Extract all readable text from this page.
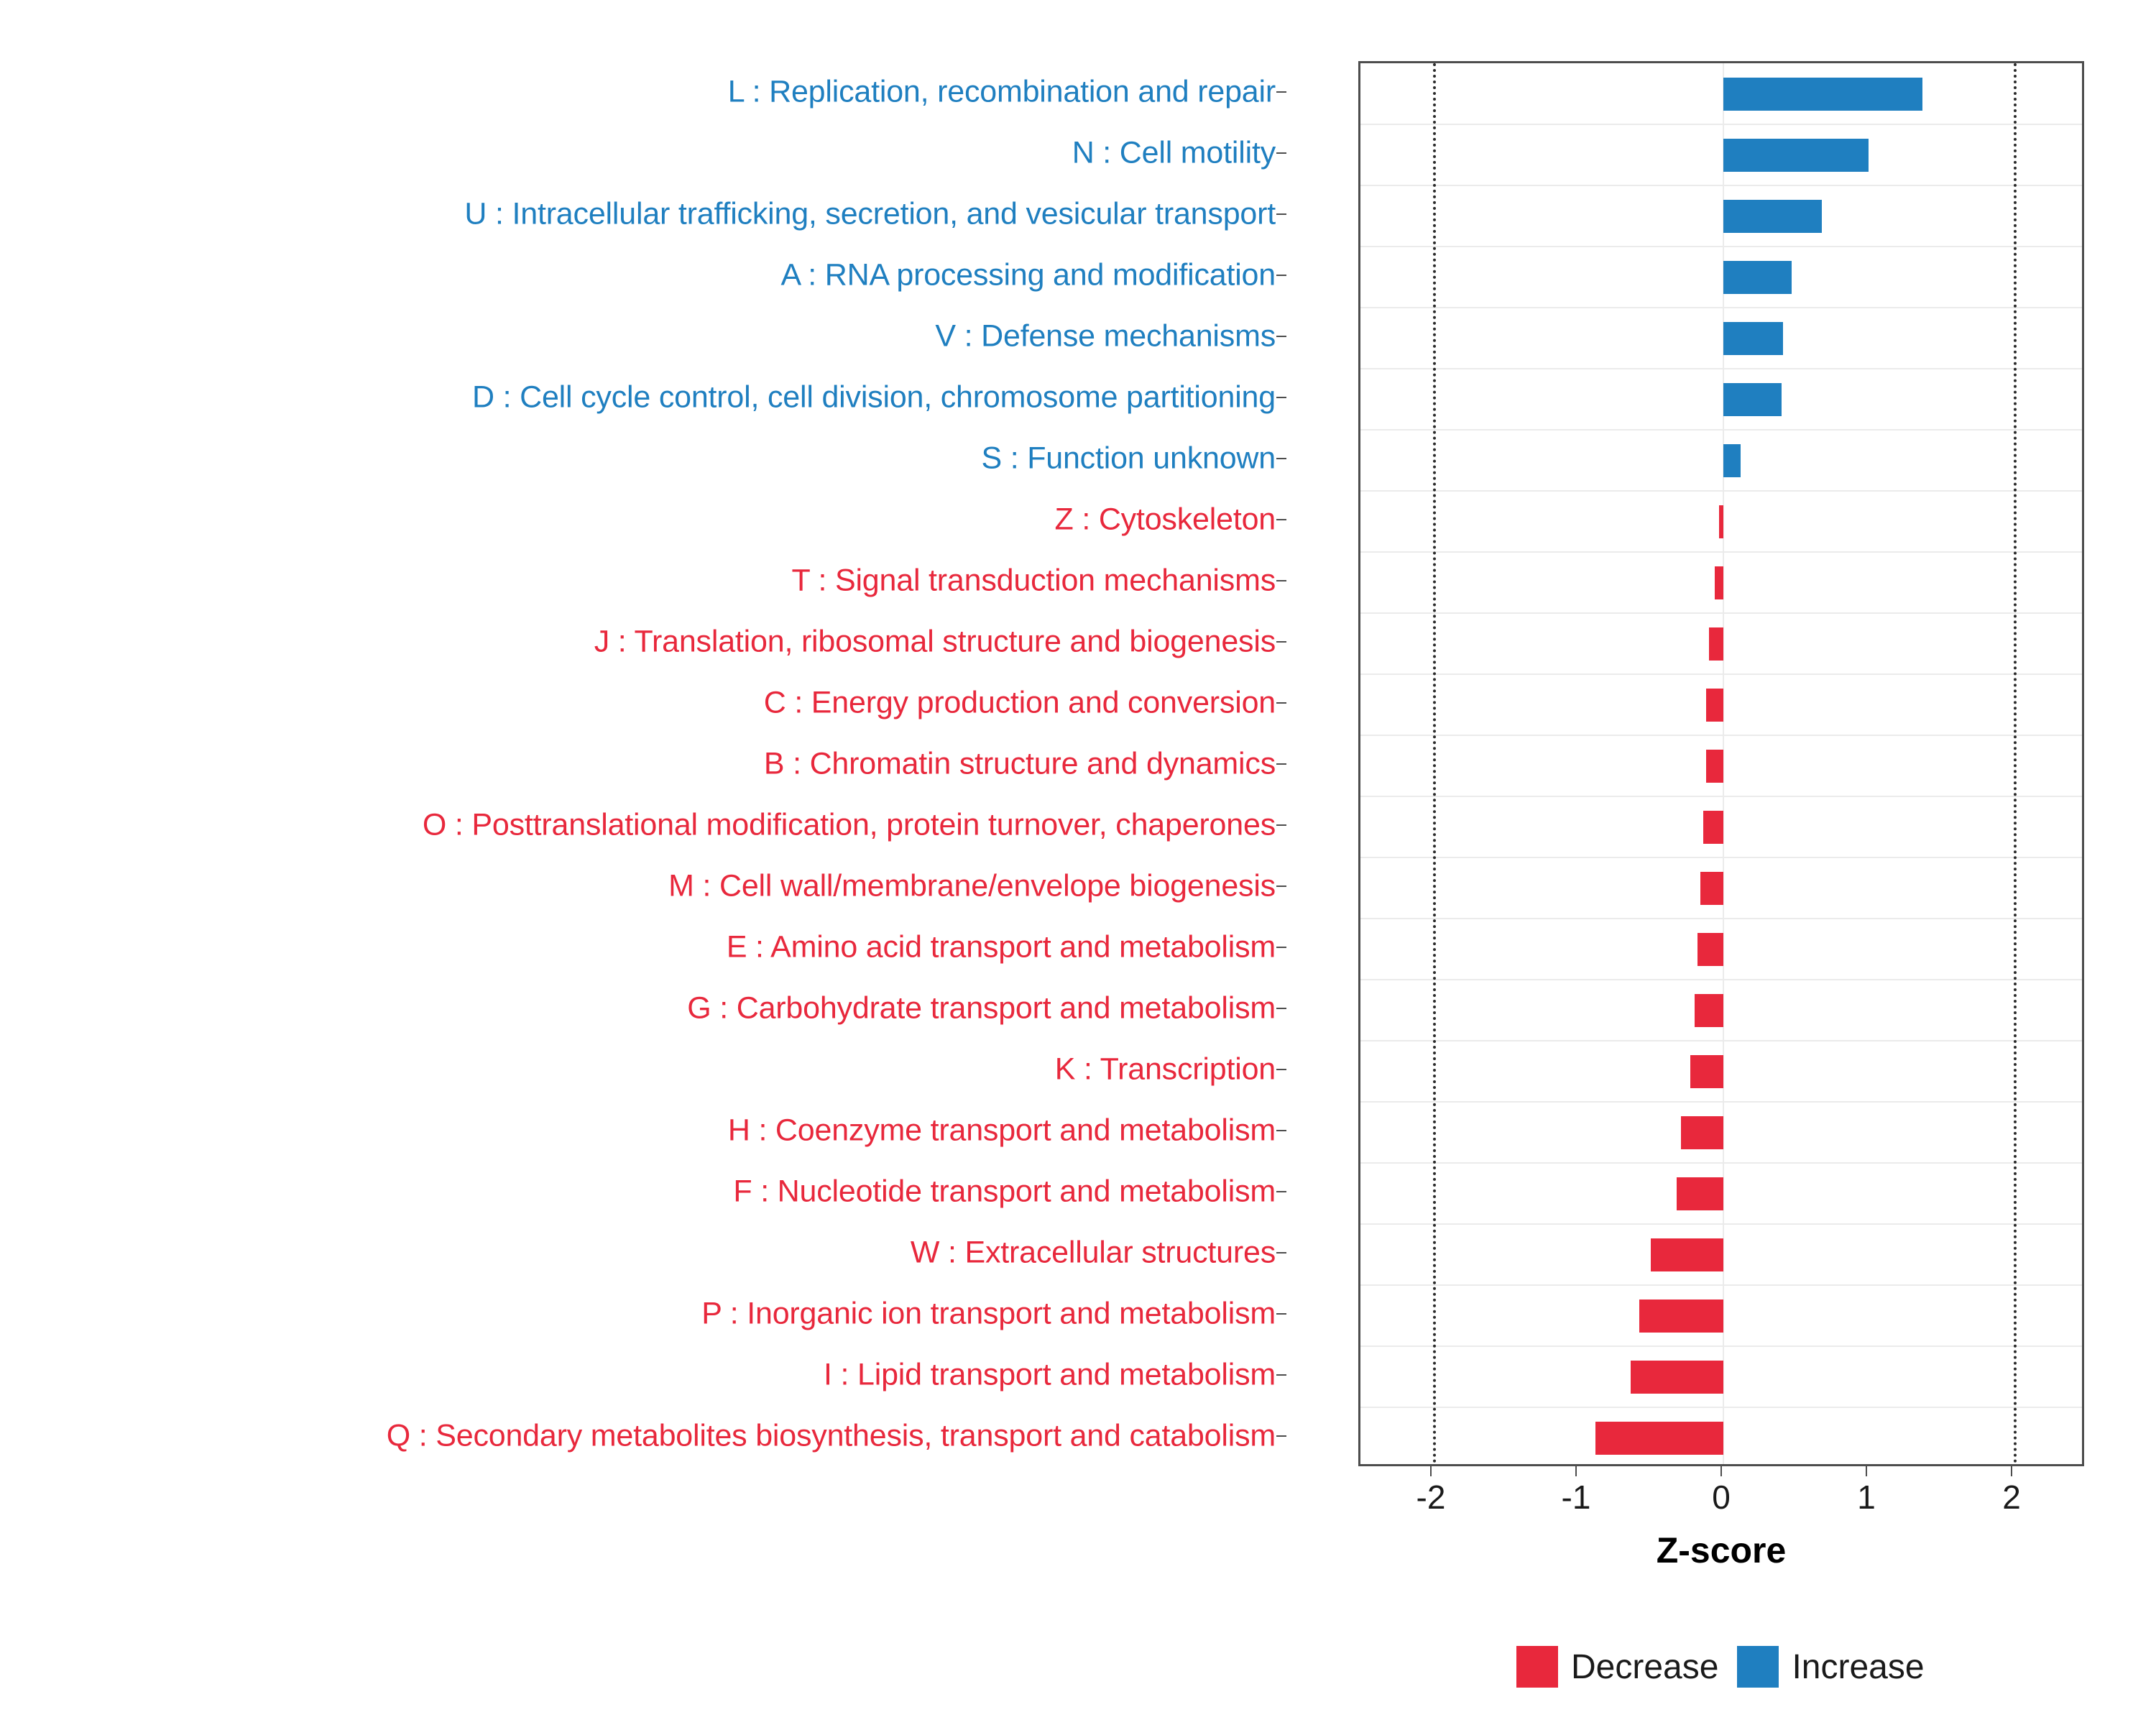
L : Replication, recombination and repair
N : Cell motility
U : Intracellular trafficking, secretion, and vesicular transport
A : RNA processing and modification
V : Defense mechanisms
D : Cell cycle control, cell division, chromosome partitioning
S : Function unknown
Z : Cytoskeleton
T : Signal transduction mechanisms
J : Translation, ribosomal structure and biogenesis
C : Energy production and conversion
B : Chromatin structure and dynamics
O : Posttranslational modification, protein turnover, chaperones
M : Cell wall/membrane/envelope biogenesis
E : Amino acid transport and metabolism
G : Carbohydrate transport and metabolism
K : Transcription
H : Coenzyme transport and metabolism
F : Nucleotide transport and metabolism
W : Extracellular structures
P : Inorganic ion transport and metabolism
I : Lipid transport and metabolism
Q : Secondary metabolites biosynthesis, transport and catabolism
-2	-1	0	1	2
Z-score
Decrease Increase
